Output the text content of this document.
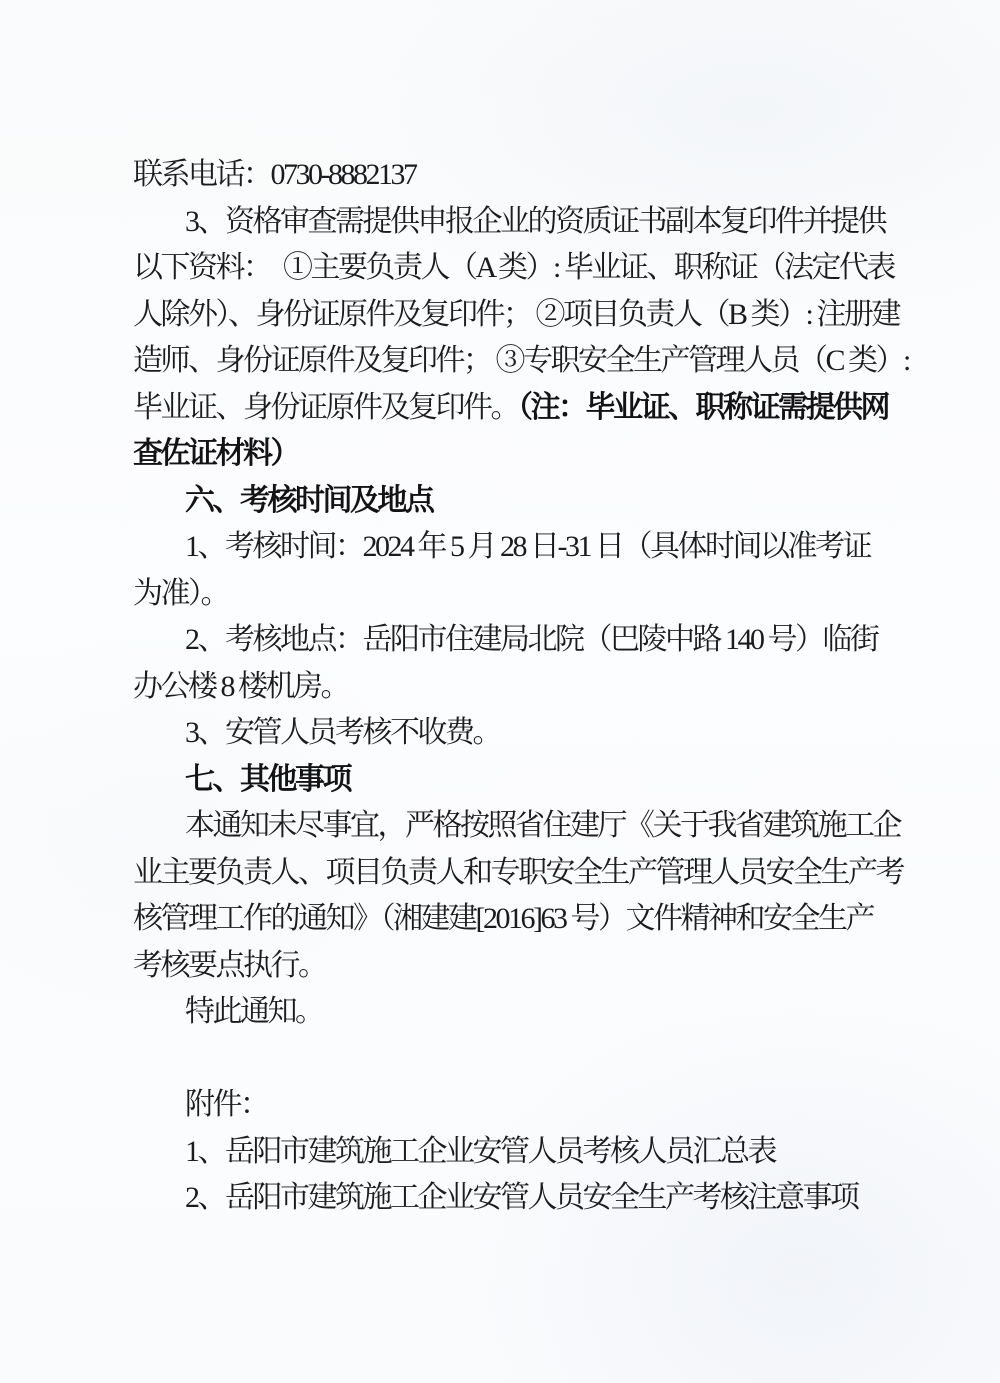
联系电话：0730-8882137
3、资格审查需提供申报企业的资质证书副本复印件并提供
以下资料：　①主要负责人（A 类）: 毕业证、职称证（法定代表
人除外）、身份证原件及复印件； ②项目负责人（B 类）: 注册建
造师、身份证原件及复印件； ③专职安全生产管理人员（C 类）:
毕业证、身份证原件及复印件。（注：毕业证、职称证需提供网
查佐证材料）
六、考核时间及地点
1、考核时间：2024 年 5 月 28 日-31 日（具体时间以准考证
为准）。
2、考核地点：岳阳市住建局北院（巴陵中路 140 号）临街
办公楼 8 楼机房。
3、安管人员考核不收费。
七、其他事项
本通知未尽事宜，严格按照省住建厅《关于我省建筑施工企
业主要负责人、项目负责人和专职安全生产管理人员安全生产考
核管理工作的通知》（湘建建[2016]63 号）文件精神和安全生产
考核要点执行。
特此通知。
附件：
1、岳阳市建筑施工企业安管人员考核人员汇总表
2、岳阳市建筑施工企业安管人员安全生产考核注意事项
